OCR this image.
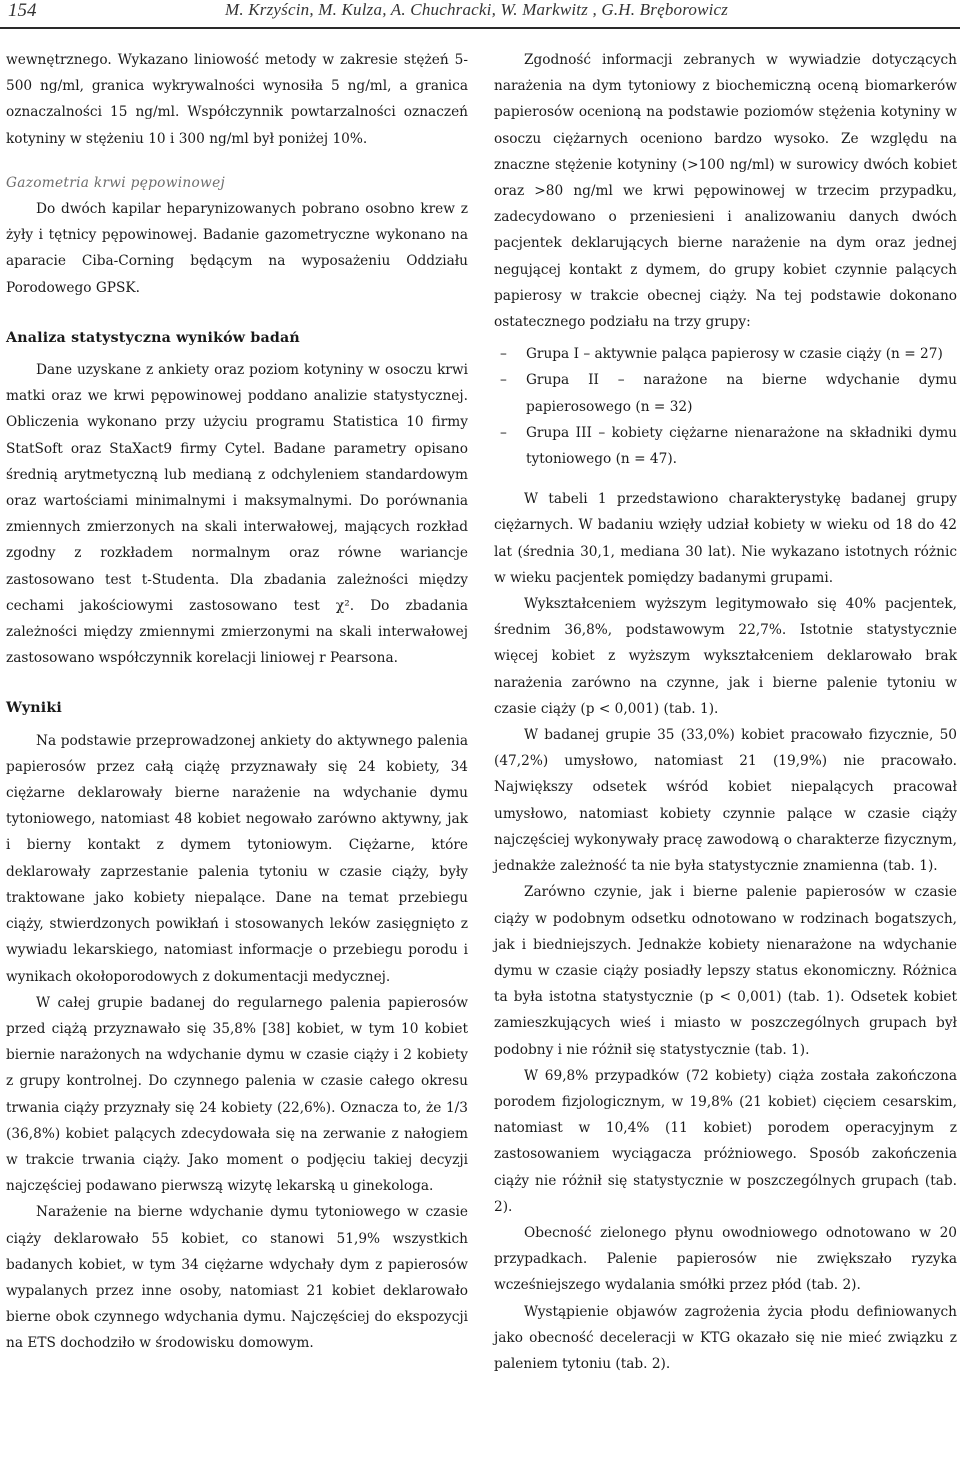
154	M. Krzyścin, M. Kulza, A. Chuchracki, W. Markwitz , G.H. Bręborowicz

wewnętrznego. Wykazano liniowość metody w zakresie stężeń 5-500 ng/ml, granica wykrywalności wynosiła 5 ng/ml, a granica oznaczalności 15 ng/ml. Współczynnik powtarzalności oznaczeń kotyniny w stężeniu 10 i 300 ng/ml był poniżej 10%.

Gazometria krwi pępowinowej

Do dwóch kapilar heparynizowanych pobrano osobno krew z żyły i tętnicy pępowinowej. Badanie gazometryczne wykonano na aparacie Ciba-Corning będącym na wyposażeniu Oddziału Porodowego GPSK.

Analiza statystyczna wyników badań

Dane uzyskane z ankiety oraz poziom kotyniny w osoczu krwi matki oraz we krwi pępowinowej poddano analizie statystycznej. Obliczenia wykonano przy użyciu programu Statistica 10 firmy StatSoft oraz StaXact9 firmy Cytel. Badane parametry opisano średnią arytmetyczną lub medianą z odchyleniem standardowym oraz wartościami minimalnymi i maksymalnymi. Do porównania zmiennych zmierzonych na skali interwałowej, mających rozkład zgodny z rozkładem normalnym oraz równe wariancje zastosowano test t-Studenta. Dla zbadania zależności między cechami jakościowymi zastosowano test χ². Do zbadania zależności między zmiennymi zmierzonymi na skali interwałowej zastosowano współczynnik korelacji liniowej r Pearsona.

Wyniki

Na podstawie przeprowadzonej ankiety do aktywnego palenia papierosów przez całą ciążę przyznawały się 24 kobiety, 34 ciężarne deklarowały bierne narażenie na wdychanie dymu tytoniowego, natomiast 48 kobiet negowało zarówno aktywny, jak i bierny kontakt z dymem tytoniowym. Ciężarne, które deklarowały zaprzestanie palenia tytoniu w czasie ciąży, były traktowane jako kobiety niepalące. Dane na temat przebiegu ciąży, stwierdzonych powikłań i stosowanych leków zasięgnięto z wywiadu lekarskiego, natomiast informacje o przebiegu porodu i wynikach okołoporodowych z dokumentacji medycznej.

W całej grupie badanej do regularnego palenia papierosów przed ciążą przyznawało się 35,8% [38] kobiet, w tym 10 kobiet biernie narażonych na wdychanie dymu w czasie ciąży i 2 kobiety z grupy kontrolnej. Do czynnego palenia w czasie całego okresu trwania ciąży przyznały się 24 kobiety (22,6%). Oznacza to, że 1/3 (36,8%) kobiet palących zdecydowała się na zerwanie z nałogiem w trakcie trwania ciąży. Jako moment o podjęciu takiej decyzji najczęściej podawano pierwszą wizytę lekarską u ginekologa.

Narażenie na bierne wdychanie dymu tytoniowego w czasie ciąży deklarowało 55 kobiet, co stanowi 51,9% wszystkich badanych kobiet, w tym 34 ciężarne wdychały dym z papierosów wypalanych przez inne osoby, natomiast 21 kobiet deklarowało bierne obok czynnego wdychania dymu. Najczęściej do ekspozycji na ETS dochodziło w środowisku domowym.

Zgodność informacji zebranych w wywiadzie dotyczących narażenia na dym tytoniowy z biochemiczną oceną biomarkerów papierosów ocenioną na podstawie poziomów stężenia kotyniny w osoczu ciężarnych oceniono bardzo wysoko. Ze względu na znaczne stężenie kotyniny (>100 ng/ml) w surowicy dwóch kobiet oraz >80 ng/ml we krwi pępowinowej w trzecim przypadku, zadecydowano o przeniesieni i analizowaniu danych dwóch pacjentek deklarujących bierne narażenie na dym oraz jednej negującej kontakt z dymem, do grupy kobiet czynnie palących papierosy w trakcie obecnej ciąży. Na tej podstawie dokonano ostatecznego podziału na trzy grupy:

– Grupa I – aktywnie paląca papierosy w czasie ciąży (n = 27)
– Grupa II – narażone na bierne wdychanie dymu papierosowego (n = 32)
– Grupa III – kobiety ciężarne nienarażone na składniki dymu tytoniowego (n = 47).

W tabeli 1 przedstawiono charakterystykę badanej grupy ciężarnych. W badaniu wzięły udział kobiety w wieku od 18 do 42 lat (średnia 30,1, mediana 30 lat). Nie wykazano istotnych różnic w wieku pacjentek pomiędzy badanymi grupami.

Wykształceniem wyższym legitymowało się 40% pacjentek, średnim 36,8%, podstawowym 22,7%. Istotnie statystycznie więcej kobiet z wyższym wykształceniem deklarowało brak narażenia zarówno na czynne, jak i bierne palenie tytoniu w czasie ciąży (p < 0,001) (tab. 1).

W badanej grupie 35 (33,0%) kobiet pracowało fizycznie, 50 (47,2%) umysłowo, natomiast 21 (19,9%) nie pracowało. Największy odsetek wśród kobiet niepalących pracował umysłowo, natomiast kobiety czynnie palące w czasie ciąży najczęściej wykonywały pracę zawodową o charakterze fizycznym, jednakże zależność ta nie była statystycznie znamienna (tab. 1).

Zarówno czynie, jak i bierne palenie papierosów w czasie ciąży w podobnym odsetku odnotowano w rodzinach bogatszych, jak i biedniejszych. Jednakże kobiety nienarażone na wdychanie dymu w czasie ciąży posiadły lepszy status ekonomiczny. Różnica ta była istotna statystycznie (p < 0,001) (tab. 1). Odsetek kobiet zamieszkujących wieś i miasto w poszczególnych grupach był podobny i nie różnił się statystycznie (tab. 1).

W 69,8% przypadków (72 kobiety) ciąża została zakończona porodem fizjologicznym, w 19,8% (21 kobiet) cięciem cesarskim, natomiast w 10,4% (11 kobiet) porodem operacyjnym z zastosowaniem wyciągacza próżniowego. Sposób zakończenia ciąży nie różnił się statystycznie w poszczególnych grupach (tab. 2).

Obecność zielonego płynu owodniowego odnotowano w 20 przypadkach. Palenie papierosów nie zwiększało ryzyka wcześniejszego wydalania smółki przez płód (tab. 2).

Wystąpienie objawów zagrożenia życia płodu definiowanych jako obecność deceleracji w KTG okazało się nie mieć związku z paleniem tytoniu (tab. 2).
